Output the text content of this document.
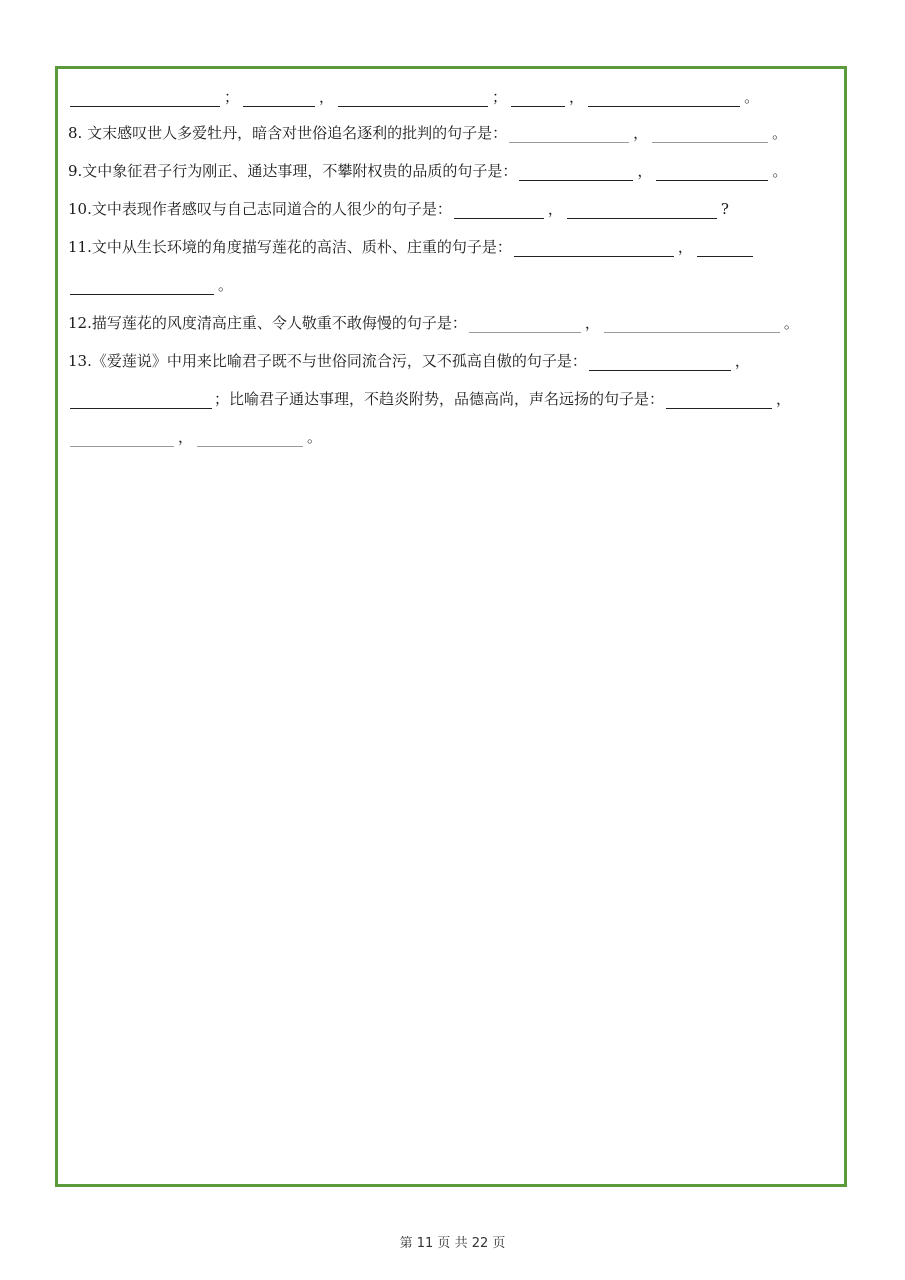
；	，	；	，	。
8. 文末感叹世人多爱牡丹，暗含对世俗追名逐利的批判的句子是：	，	。
9.文中象征君子行为刚正、通达事理，不攀附权贵的品质的句子是：	，	。
10.文中表现作者感叹与自己志同道合的人很少的句子是：	，	?
11.文中从生长环境的角度描写莲花的高洁、质朴、庄重的句子是：	，
。
12.描写莲花的风度清高庄重、令人敬重不敢侮慢的句子是：	，	。
13.《爱莲说》中用来比喻君子既不与世俗同流合污，又不孤高自傲的句子是：	，
；比喻君子通达事理，不趋炎附势，品德高尚，声名远扬的句子是：	，
，	。
第 11 页 共 22 页
